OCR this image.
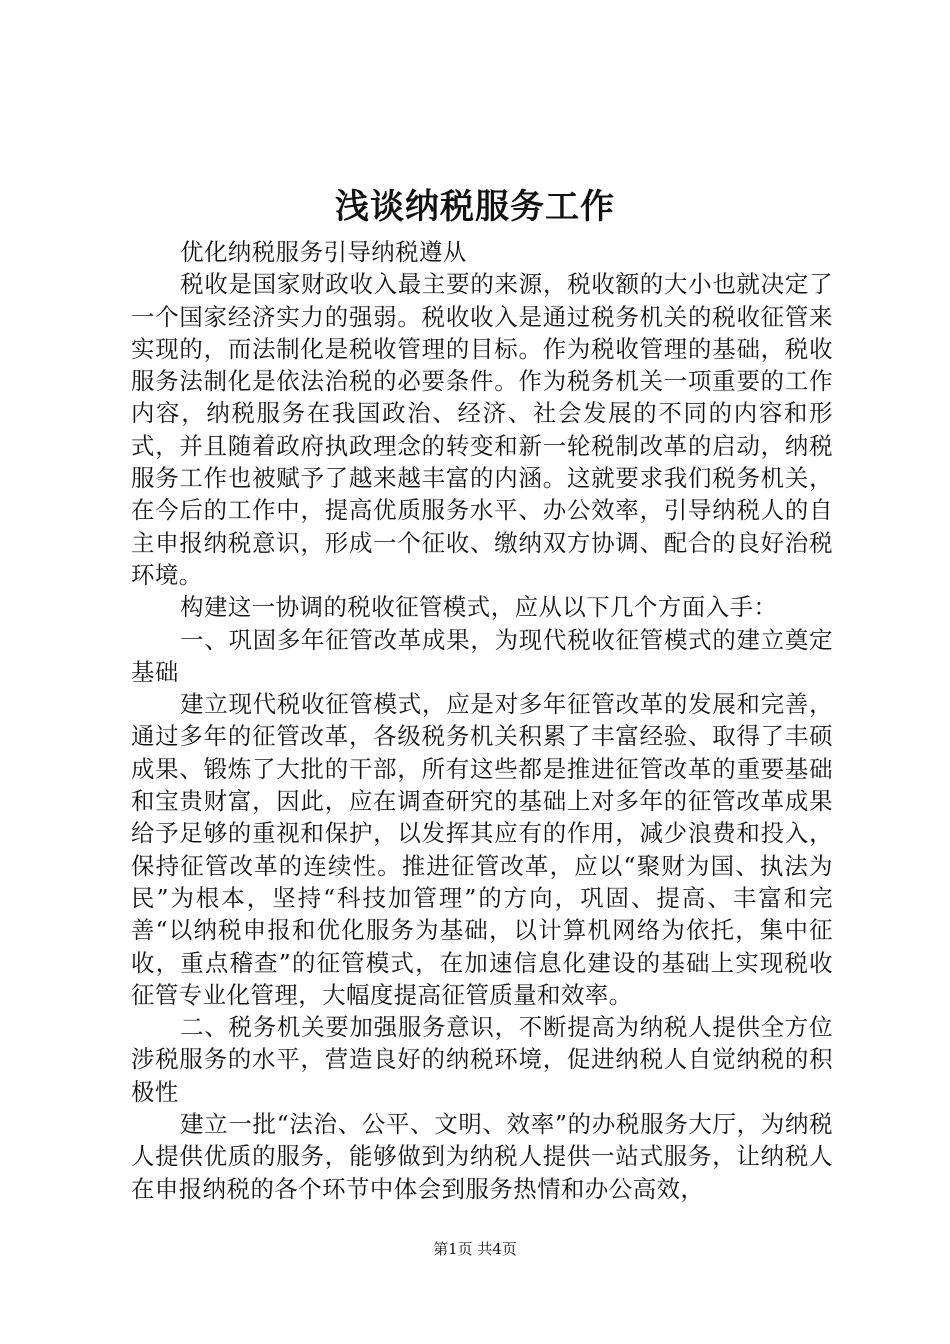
浅谈纳税服务工作

优化纳税服务引导纳税遵从

税收是国家财政收入最主要的来源，税收额的大小也就决定了一个国家经济实力的强弱。税收收入是通过税务机关的税收征管来实现的，而法制化是税收管理的目标。作为税收管理的基础，税收服务法制化是依法治税的必要条件。作为税务机关一项重要的工作内容，纳税服务在我国政治、经济、社会发展的不同的内容和形式，并且随着政府执政理念的转变和新一轮税制改革的启动，纳税服务工作也被赋予了越来越丰富的内涵。这就要求我们税务机关，在今后的工作中，提高优质服务水平、办公效率，引导纳税人的自主申报纳税意识，形成一个征收、缴纳双方协调、配合的良好治税环境。

构建这一协调的税收征管模式，应从以下几个方面入手：

一、巩固多年征管改革成果，为现代税收征管模式的建立奠定基础

建立现代税收征管模式，应是对多年征管改革的发展和完善，通过多年的征管改革，各级税务机关积累了丰富经验、取得了丰硕成果、锻炼了大批的干部，所有这些都是推进征管改革的重要基础和宝贵财富，因此，应在调查研究的基础上对多年的征管改革成果给予足够的重视和保护，以发挥其应有的作用，减少浪费和投入，保持征管改革的连续性。推进征管改革，应以“聚财为国、执法为民”为根本，坚持“科技加管理”的方向，巩固、提高、丰富和完善“以纳税申报和优化服务为基础，以计算机网络为依托，集中征收，重点稽查”的征管模式，在加速信息化建设的基础上实现税收征管专业化管理，大幅度提高征管质量和效率。

二、税务机关要加强服务意识，不断提高为纳税人提供全方位涉税服务的水平，营造良好的纳税环境，促进纳税人自觉纳税的积极性

建立一批“法治、公平、文明、效率”的办税服务大厅，为纳税人提供优质的服务，能够做到为纳税人提供一站式服务，让纳税人在申报纳税的各个环节中体会到服务热情和办公高效，

第1页 共4页
